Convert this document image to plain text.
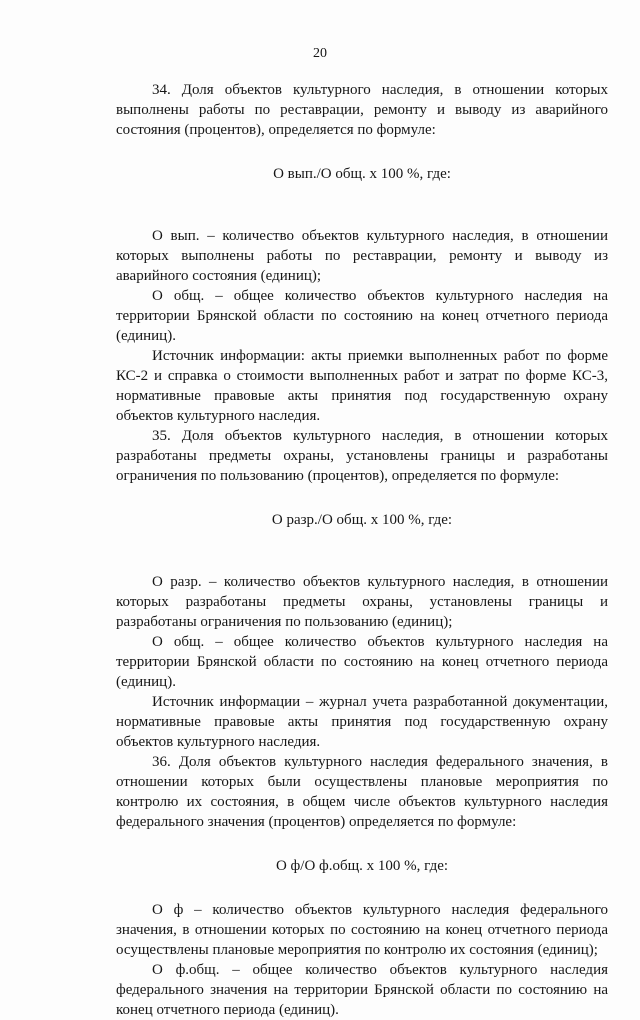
20

34. Доля объектов культурного наследия, в отношении которых выполнены работы по реставрации, ремонту и выводу из аварийного состояния (процентов), определяется по формуле:

О вып./О общ. х 100 %, где:

О вып. – количество объектов культурного наследия, в отношении которых выполнены работы по реставрации, ремонту и выводу из аварийного состояния (единиц);

О общ. – общее количество объектов культурного наследия на территории Брянской области по состоянию на конец отчетного периода (единиц).

Источник информации: акты приемки выполненных работ по форме КС-2 и справка о стоимости выполненных работ и затрат по форме КС-3, нормативные правовые акты принятия под государственную охрану объектов культурного наследия.

35. Доля объектов культурного наследия, в отношении которых разработаны предметы охраны, установлены границы и разработаны ограничения по пользованию (процентов), определяется по формуле:

О разр./О общ. х 100 %, где:

О разр. – количество объектов культурного наследия, в отношении которых разработаны предметы охраны, установлены границы и разработаны ограничения по пользованию (единиц);

О общ. – общее количество объектов культурного наследия на территории Брянской области по состоянию на конец отчетного периода (единиц).

Источник информации – журнал учета разработанной документации, нормативные правовые акты принятия под государственную охрану объектов культурного наследия.

36. Доля объектов культурного наследия федерального значения, в отношении которых были осуществлены плановые мероприятия по контролю их состояния, в общем числе объектов культурного наследия федерального значения (процентов) определяется по формуле:

О ф/О ф.общ. х 100 %, где:

О ф – количество объектов культурного наследия федерального значения, в отношении которых по состоянию на конец отчетного периода осуществлены плановые мероприятия по контролю их состояния (единиц);

О ф.общ. – общее количество объектов культурного наследия федерального значения на территории Брянской области по состоянию на конец отчетного периода (единиц).
